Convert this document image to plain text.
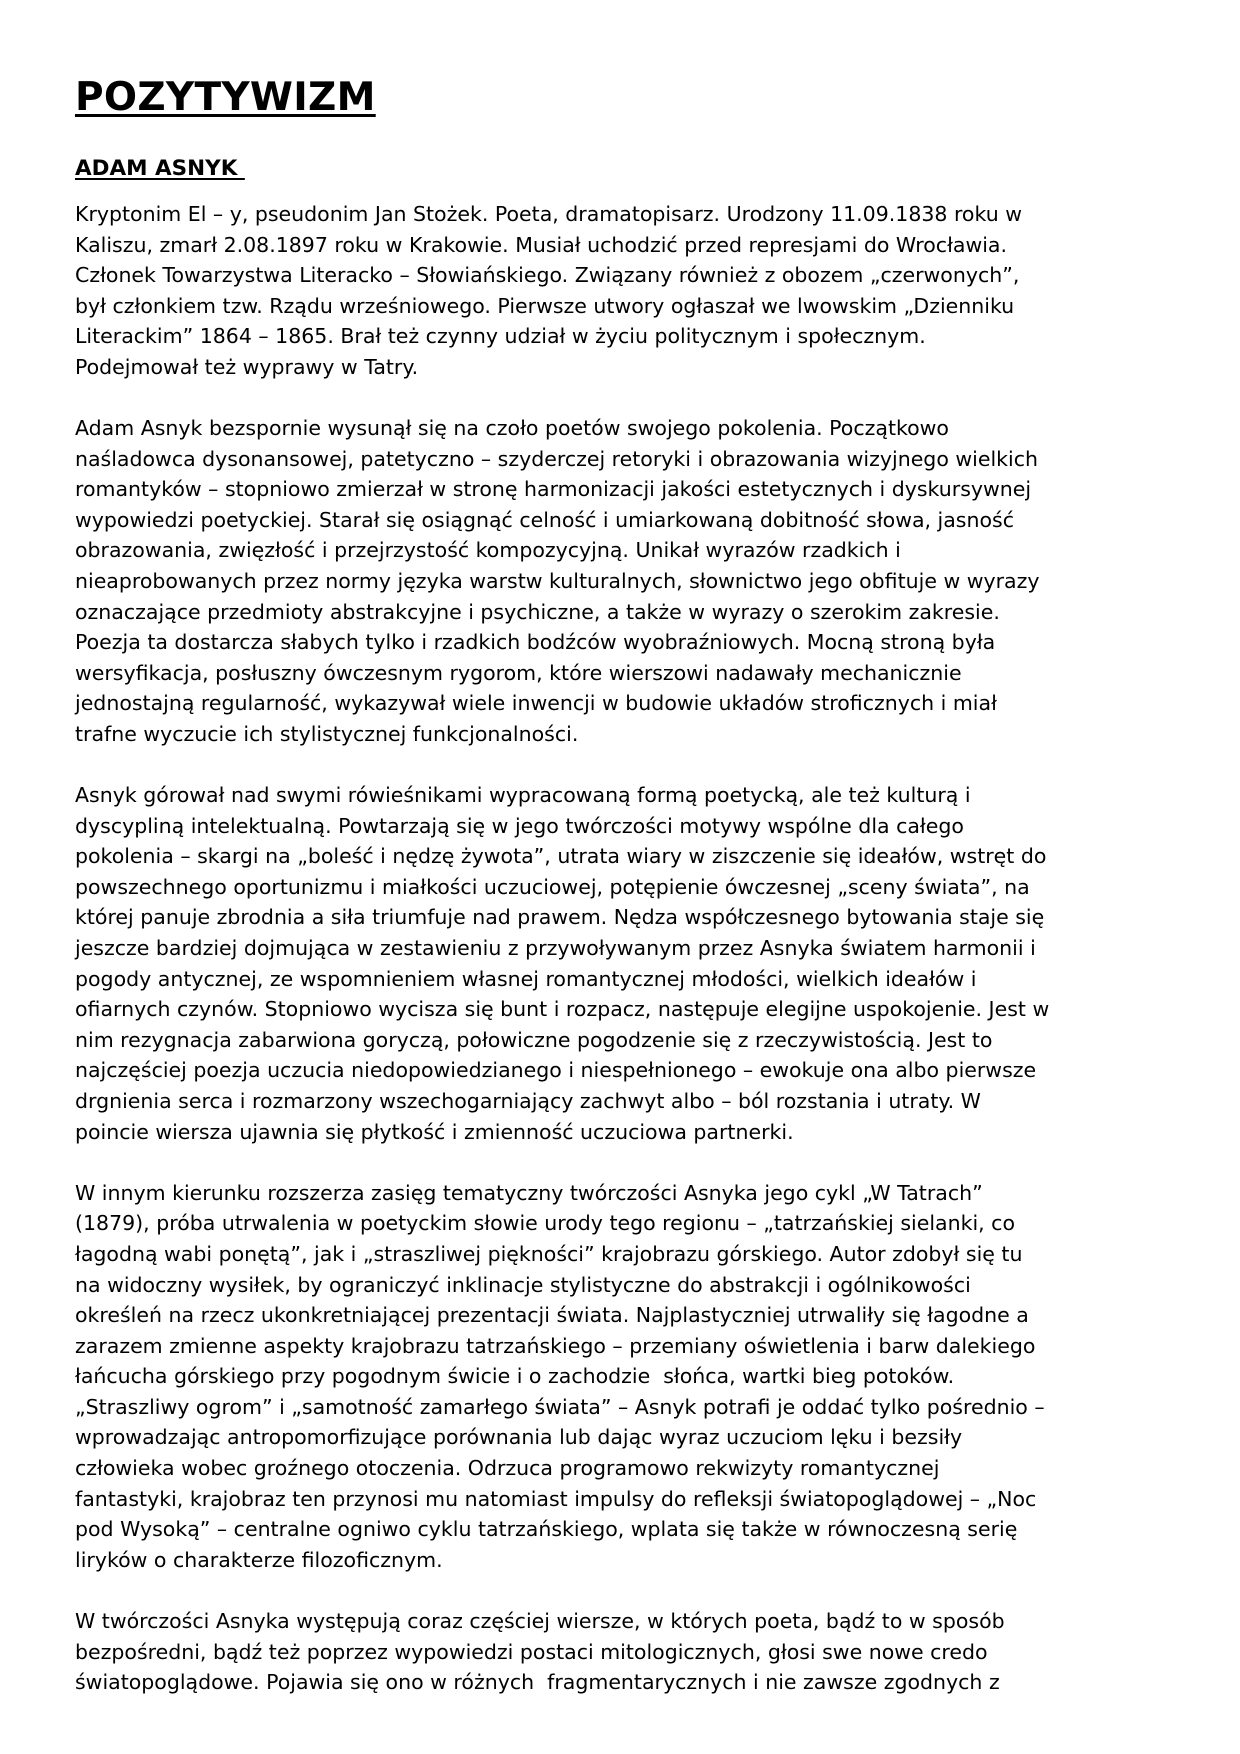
POZYTYWIZM
ADAM ASNYK

Kryptonim El – y, pseudonim Jan Stożek. Poeta, dramatopisarz. Urodzony 11.09.1838 roku w
Kaliszu, zmarł 2.08.1897 roku w Krakowie. Musiał uchodzić przed represjami do Wrocławia.
Członek Towarzystwa Literacko – Słowiańskiego. Związany również z obozem „czerwonych”,
był członkiem tzw. Rządu wrześniowego. Pierwsze utwory ogłaszał we lwowskim „Dzienniku
Literackim” 1864 – 1865. Brał też czynny udział w życiu politycznym i społecznym.
Podejmował też wyprawy w Tatry.

Adam Asnyk bezspornie wysunął się na czoło poetów swojego pokolenia. Początkowo
naśladowca dysonansowej, patetyczno – szyderczej retoryki i obrazowania wizyjnego wielkich
romantyków – stopniowo zmierzał w stronę harmonizacji jakości estetycznych i dyskursywnej
wypowiedzi poetyckiej. Starał się osiągnąć celność i umiarkowaną dobitność słowa, jasność
obrazowania, zwięzłość i przejrzystość kompozycyjną. Unikał wyrazów rzadkich i
nieaprobowanych przez normy języka warstw kulturalnych, słownictwo jego obfituje w wyrazy
oznaczające przedmioty abstrakcyjne i psychiczne, a także w wyrazy o szerokim zakresie.
Poezja ta dostarcza słabych tylko i rzadkich bodźców wyobraźniowych. Mocną stroną była
wersyfikacja, posłuszny ówczesnym rygorom, które wierszowi nadawały mechanicznie
jednostajną regularność, wykazywał wiele inwencji w budowie układów stroficznych i miał
trafne wyczucie ich stylistycznej funkcjonalności.

Asnyk górował nad swymi rówieśnikami wypracowaną formą poetycką, ale też kulturą i
dyscypliną intelektualną. Powtarzają się w jego twórczości motywy wspólne dla całego
pokolenia – skargi na „boleść i nędzę żywota”, utrata wiary w ziszczenie się ideałów, wstręt do
powszechnego oportunizmu i miałkości uczuciowej, potępienie ówczesnej „sceny świata”, na
której panuje zbrodnia a siła triumfuje nad prawem. Nędza współczesnego bytowania staje się
jeszcze bardziej dojmująca w zestawieniu z przywoływanym przez Asnyka światem harmonii i
pogody antycznej, ze wspomnieniem własnej romantycznej młodości, wielkich ideałów i
ofiarnych czynów. Stopniowo wycisza się bunt i rozpacz, następuje elegijne uspokojenie. Jest w
nim rezygnacja zabarwiona goryczą, połowiczne pogodzenie się z rzeczywistością. Jest to
najczęściej poezja uczucia niedopowiedzianego i niespełnionego – ewokuje ona albo pierwsze
drgnienia serca i rozmarzony wszechogarniający zachwyt albo – ból rozstania i utraty. W
poincie wiersza ujawnia się płytkość i zmienność uczuciowa partnerki.

W innym kierunku rozszerza zasięg tematyczny twórczości Asnyka jego cykl „W Tatrach”
(1879), próba utrwalenia w poetyckim słowie urody tego regionu – „tatrzańskiej sielanki, co
łagodną wabi ponętą”, jak i „straszliwej piękności” krajobrazu górskiego. Autor zdobył się tu
na widoczny wysiłek, by ograniczyć inklinacje stylistyczne do abstrakcji i ogólnikowości
określeń na rzecz ukonkretniającej prezentacji świata. Najplastyczniej utrwaliły się łagodne a
zarazem zmienne aspekty krajobrazu tatrzańskiego – przemiany oświetlenia i barw dalekiego
łańcucha górskiego przy pogodnym świcie i o zachodzie  słońca, wartki bieg potoków.
„Straszliwy ogrom” i „samotność zamarłego świata” – Asnyk potrafi je oddać tylko pośrednio –
wprowadzając antropomorfizujące porównania lub dając wyraz uczuciom lęku i bezsiły
człowieka wobec groźnego otoczenia. Odrzuca programowo rekwizyty romantycznej
fantastyki, krajobraz ten przynosi mu natomiast impulsy do refleksji światopoglądowej – „Noc
pod Wysoką” – centralne ogniwo cyklu tatrzańskiego, wplata się także w równoczesną serię
liryków o charakterze filozoficznym.

W twórczości Asnyka występują coraz częściej wiersze, w których poeta, bądź to w sposób
bezpośredni, bądź też poprzez wypowiedzi postaci mitologicznych, głosi swe nowe credo
światopoglądowe. Pojawia się ono w różnych  fragmentarycznych i nie zawsze zgodnych z
